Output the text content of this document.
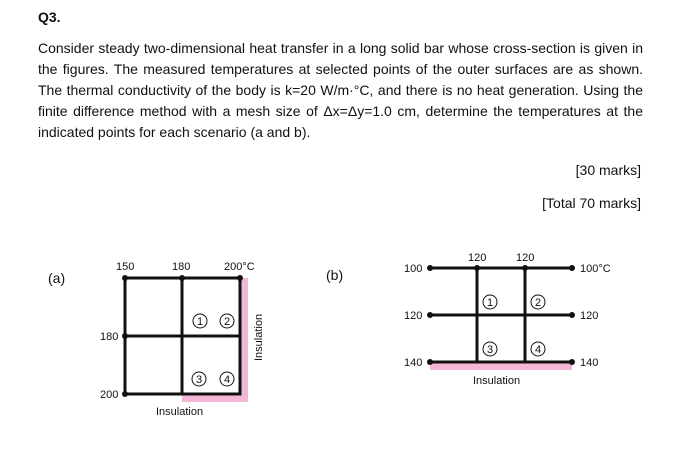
Q3.
Consider steady two-dimensional heat transfer in a long solid bar whose cross-section is given in the figures. The measured temperatures at selected points of the outer surfaces are as shown. The thermal conductivity of the body is k=20 W/m·°C, and there is no heat generation. Using the finite difference method with a mesh size of Δx=Δy=1.0 cm, determine the temperatures at the indicated points for each scenario (a and b).
[30 marks]
[Total 70 marks]
(a)	(b)
150	180	200°C
180
200
1 2
3 4
Insulation
Insulation
120	120
100
120
140
100°C
120
140
1	2
3	4
Insulation
